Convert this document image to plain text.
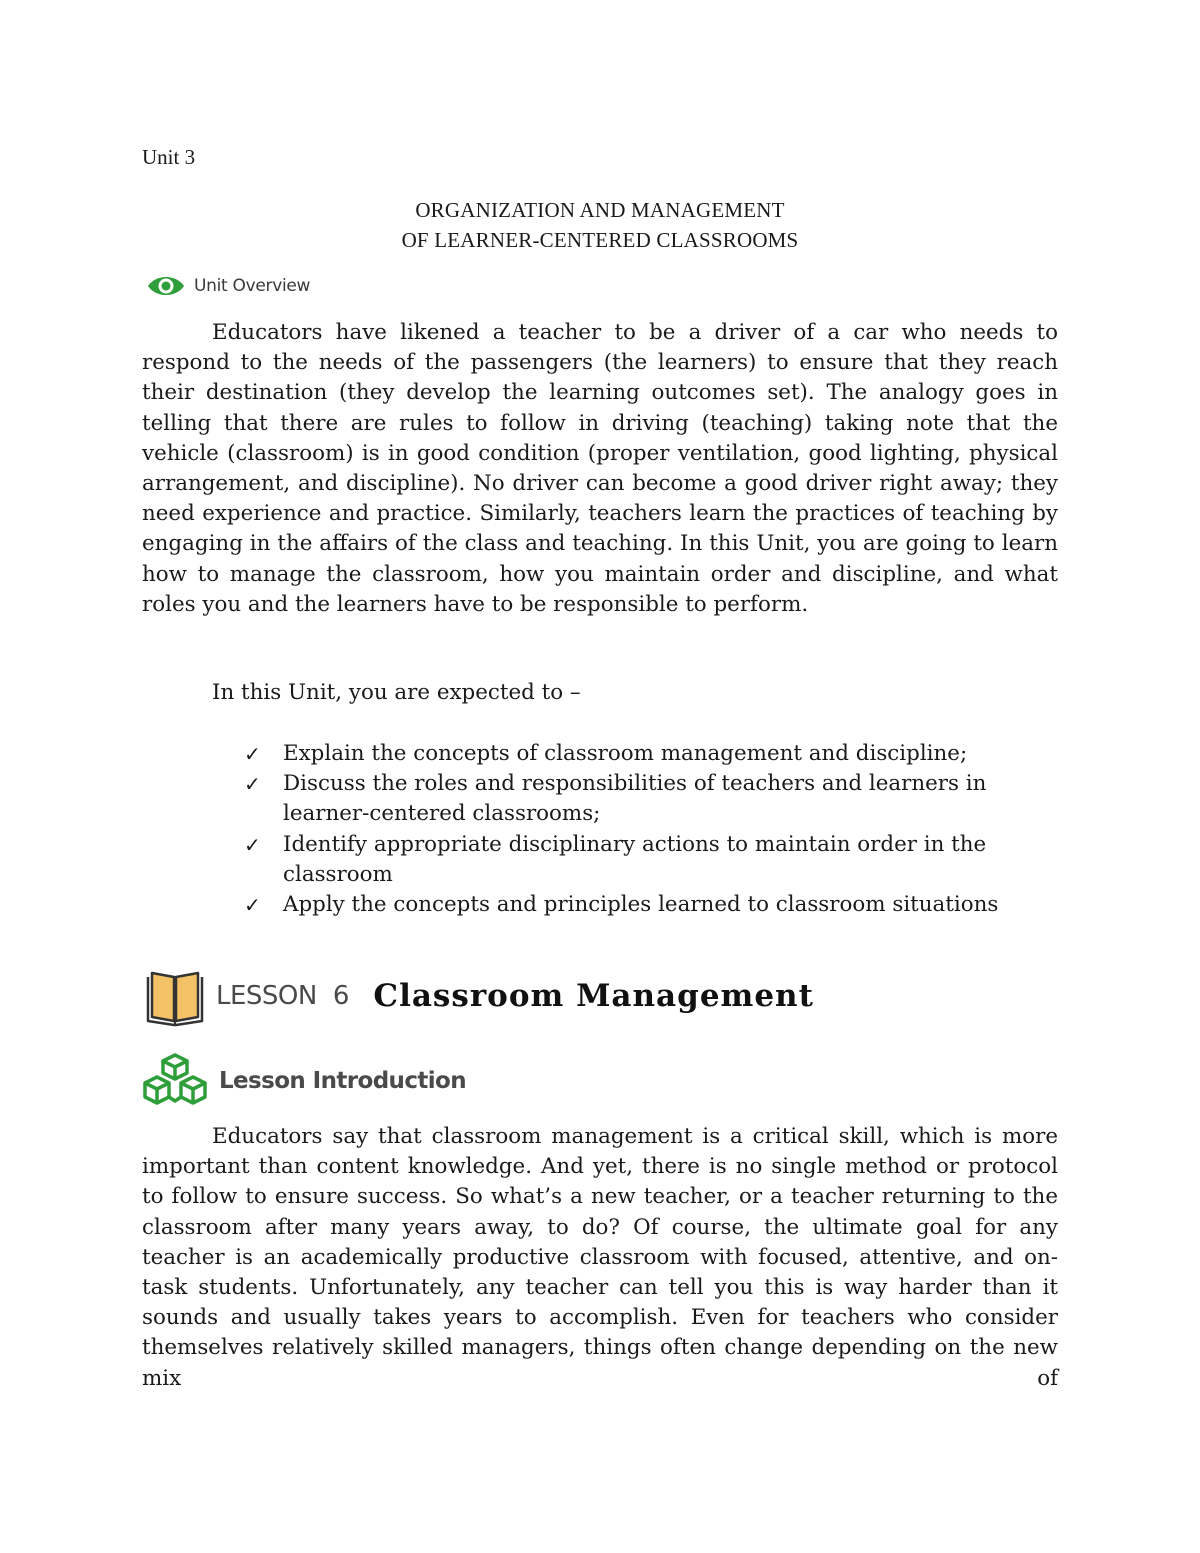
Unit 3
ORGANIZATION AND MANAGEMENT
OF LEARNER-CENTERED CLASSROOMS
Unit Overview

Educators have likened a teacher to be a driver of a car who needs to respond to the needs of the passengers (the learners) to ensure that they reach their destination (they develop the learning outcomes set). The analogy goes in telling that there are rules to follow in driving (teaching) taking note that the vehicle (classroom) is in good condition (proper ventilation, good lighting, physical arrangement, and discipline). No driver can become a good driver right away; they need experience and practice. Similarly, teachers learn the practices of teaching by engaging in the affairs of the class and teaching. In this Unit, you are going to learn how to manage the classroom, how you maintain order and discipline, and what roles you and the learners have to be responsible to perform.

In this Unit, you are expected to –

✓ Explain the concepts of classroom management and discipline;
✓ Discuss the roles and responsibilities of teachers and learners in learner-centered classrooms;
✓ Identify appropriate disciplinary actions to maintain order in the classroom
✓ Apply the concepts and principles learned to classroom situations
LESSON 6 Classroom Management
Lesson Introduction

Educators say that classroom management is a critical skill, which is more important than content knowledge. And yet, there is no single method or protocol to follow to ensure success. So what’s a new teacher, or a teacher returning to the classroom after many years away, to do? Of course, the ultimate goal for any teacher is an academically productive classroom with focused, attentive, and on-task students. Unfortunately, any teacher can tell you this is way harder than it sounds and usually takes years to accomplish. Even for teachers who consider themselves relatively skilled managers, things often change depending on the new mix of
